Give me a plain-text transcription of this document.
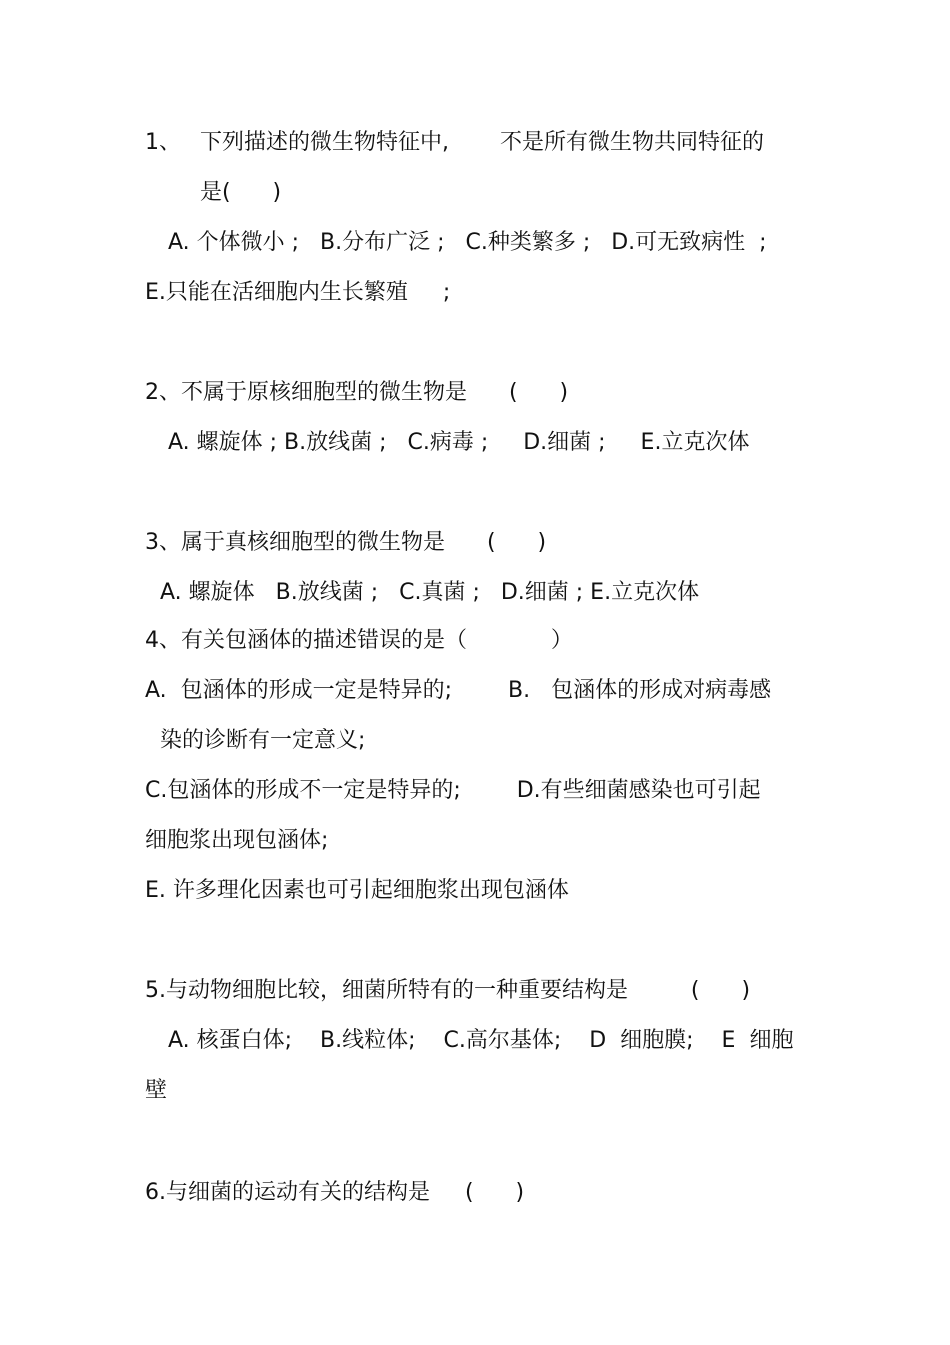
1、 下列描述的微生物特征中, 不是所有微生物共同特征的

是(      )

A. 个体微小 ;   B.分布广泛 ;   C.种类繁多 ;   D.可无致病性  ;

E.只能在活细胞内生长繁殖     ;

2、不属于原核细胞型的微生物是      (      )

A. 螺旋体 ; B.放线菌 ;   C.病毒 ;     D.细菌 ;     E.立克次体

3、属于真核细胞型的微生物是      (      )

A. 螺旋体   B.放线菌 ;   C.真菌 ;   D.细菌 ; E.立克次体

4、有关包涵体的描述错误的是（            ）

A.  包涵体的形成一定是特异的;        B.   包涵体的形成对病毒感

染的诊断有一定意义;

C.包涵体的形成不一定是特异的;        D.有些细菌感染也可引起

细胞浆出现包涵体;

E. 许多理化因素也可引起细胞浆出现包涵体

5.与动物细胞比较，细菌所特有的一种重要结构是         (      )

A. 核蛋白体;    B.线粒体;    C.高尔基体;    D  细胞膜;    E  细胞

壁

6.与细菌的运动有关的结构是     (      )
